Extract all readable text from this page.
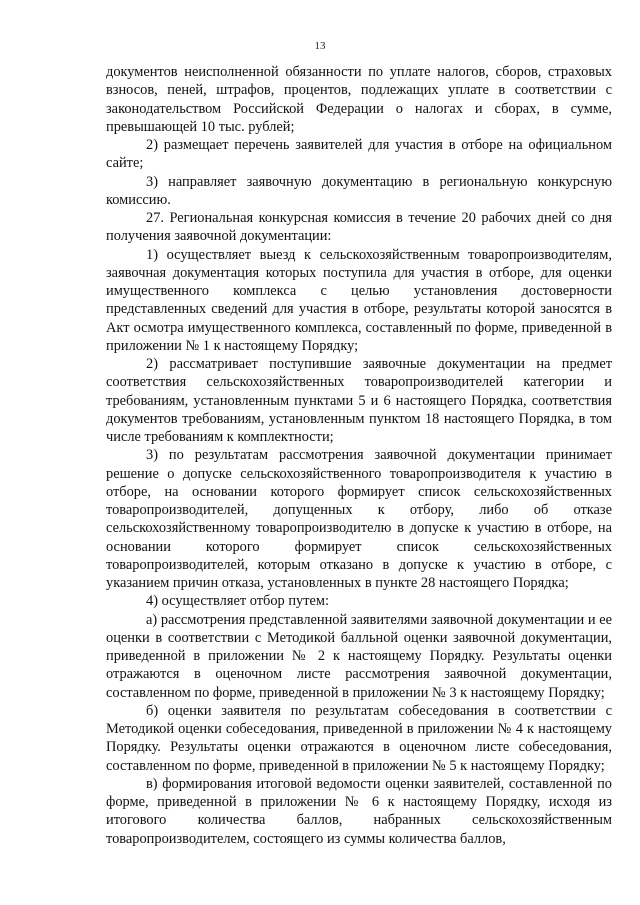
13

документов неисполненной обязанности по уплате налогов, сборов, страховых взносов, пеней, штрафов, процентов, подлежащих уплате в соответствии с законодательством Российской Федерации о налогах и сборах, в сумме, превышающей 10 тыс. рублей;

2) размещает перечень заявителей для участия в отборе на официальном сайте;

3) направляет заявочную документацию в региональную конкурсную комиссию.

27. Региональная конкурсная комиссия в течение 20 рабочих дней со дня получения заявочной документации:

1) осуществляет выезд к сельскохозяйственным товаропроизводителям, заявочная документация которых поступила для участия в отборе, для оценки имущественного комплекса с целью установления достоверности представленных сведений для участия в отборе, результаты которой заносятся в Акт осмотра имущественного комплекса, составленный по форме, приведенной в приложении № 1 к настоящему Порядку;

2) рассматривает поступившие заявочные документации на предмет соответствия сельскохозяйственных товаропроизводителей категории и требованиям, установленным пунктами 5 и 6 настоящего Порядка, соответствия документов требованиям, установленным пунктом 18 настоящего Порядка, в том числе требованиям к комплектности;

3) по результатам рассмотрения заявочной документации принимает решение о допуске сельскохозяйственного товаропроизводителя к участию в отборе, на основании которого формирует список сельскохозяйственных товаропроизводителей, допущенных к отбору, либо об отказе сельскохозяйственному товаропроизводителю в допуске к участию в отборе, на основании которого формирует список сельскохозяйственных товаропроизводителей, которым отказано в допуске к участию в отборе, с указанием причин отказа, установленных в пункте 28 настоящего Порядка;

4) осуществляет отбор путем:

а) рассмотрения представленной заявителями заявочной документации и ее оценки в соответствии с Методикой балльной оценки заявочной документации, приведенной в приложении № 2 к настоящему Порядку. Результаты оценки отражаются в оценочном листе рассмотрения заявочной документации, составленном по форме, приведенной в приложении № 3 к настоящему Порядку;

б) оценки заявителя по результатам собеседования в соответствии с Методикой оценки собеседования, приведенной в приложении № 4 к настоящему Порядку. Результаты оценки отражаются в оценочном листе собеседования, составленном по форме, приведенной в приложении № 5 к настоящему Порядку;

в) формирования итоговой ведомости оценки заявителей, составленной по форме, приведенной в приложении № 6 к настоящему Порядку, исходя из итогового количества баллов, набранных сельскохозяйственным товаропроизводителем, состоящего из суммы количества баллов,
